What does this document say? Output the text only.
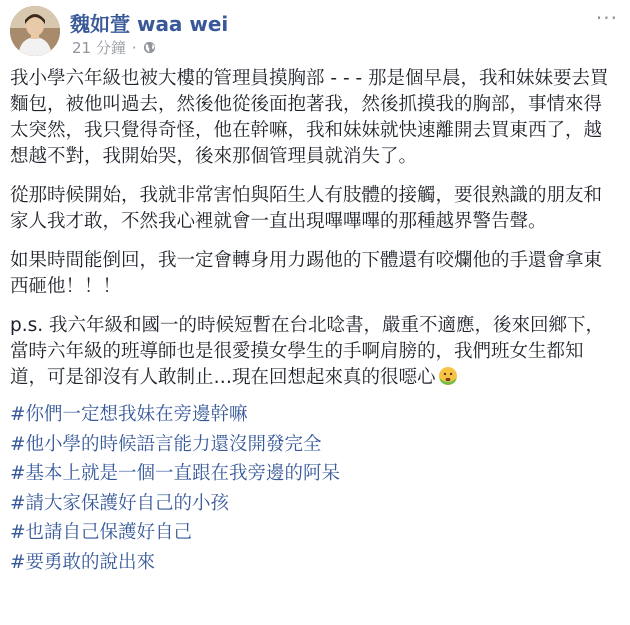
魏如萱 waa wei
21 分鐘 ·
···

我小學六年級也被大樓的管理員摸胸部 - - - 那是個早晨，我和妹妹要去買麵包，被他叫過去，然後他從後面抱著我，然後抓摸我的胸部，事情來得太突然，我只覺得奇怪，他在幹嘛，我和妹妹就快速離開去買東西了，越想越不對，我開始哭，後來那個管理員就消失了。

從那時候開始，我就非常害怕與陌生人有肢體的接觸，要很熟識的朋友和家人我才敢，不然我心裡就會一直出現嗶嗶嗶的那種越界警告聲。

如果時間能倒回，我一定會轉身用力踢他的下體還有咬爛他的手還會拿東西砸他！！！

p.s. 我六年級和國一的時候短暫在台北唸書，嚴重不適應，後來回鄉下，當時六年級的班導師也是很愛摸女學生的手啊肩膀的，我們班女生都知道，可是卻沒有人敢制止…現在回想起來真的很噁心

#你們一定想我妹在旁邊幹嘛
#他小學的時候語言能力還沒開發完全
#基本上就是一個一直跟在我旁邊的阿呆
#請大家保護好自己的小孩
#也請自己保護好自己
#要勇敢的說出來
